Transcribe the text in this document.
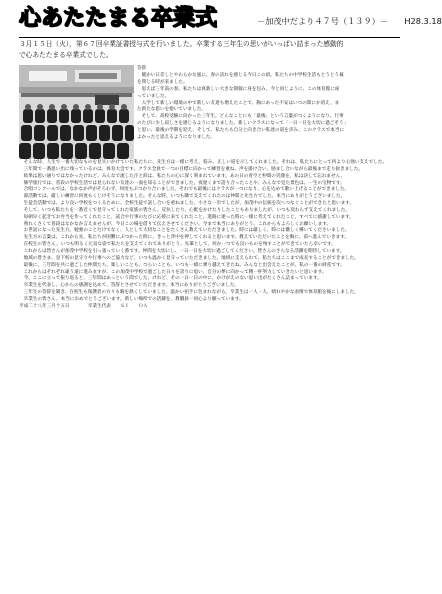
心あたたまる卒業式	－加茂中だより４７号（１３９）－　　H28.3.18

３月１５日（火），第６７回卒業証書授与式を行いました。卒業する三年生の思いがいっぱい詰まった感動的

で心あたたまる卒業式でした。

答辞

　暖かい日差しとやわらかな風に、春の訪れを感じる今日この頃。私たちの中学校生活もとうとう幕

を閉じる時が来ました。

　思えば三年前の春。私たちは真新しい大きな制服に身を包み、今と同じように、この体育館に座

っていました。

　入学して新しい環境の中で新しい友達も増えたことで、胸にあった不安はいつの間にか消え、ま

た新たな思いを抱いていました。

　そして、高校受験に向かった三年生。どんなことにも「最後」という言葉がつくようになり、行事

のたびに少し寂しさを感じるようになりました。新しいクラスになって「一日一日を大切に過ごそう」

と思い、最後の学期を迎え、そして、私たちも自分と向き合い私達の道を歩み、このクラスで本当に

よかったと思えるようになりました。

　そんな時、人生で一番大切なものを見失いかけていた私たちに、先生方は一緒に考え、悩み、正しい道を示してくれました。それは、私たちにとって何より心強い支えでした。

　三年間で一番思い出に残っているのは、体育大会です。クラス全員で一つの目標に向かって練習を重ね、声を掛け合い、励まし合いながら最後まで走り抜きました。

　結果は思い通りではなかったけれど、みんなで流した汗と涙は、私たちの心に深く刻まれています。あの日の青空と仲間の笑顔を、私は決して忘れません。

　修学旅行では、普段の学校生活では見られない友達の一面を知ることができました。夜遅くまで語り合ったことや、みんなで見た景色は、一生の宝物です。

　合唱コンクールでは、なかなか声がそろわず、何度もぶつかり合いました。それでも最後にはクラスが一つになり、心を込めて歌い上げることができました。

　部活動では、厳しい練習に何度もくじけそうになりました。そんな時、いつも隣で支えてくれたのは仲間と先生方でした。本当にありがとうございました。

　生徒会活動では、より良い学校をつくるために、全校生徒で話し合いを重ねました。小さな一歩でしたが、加茂中の伝統を次へつなぐことができたと思います。

　そして、いつも私たちを一番近くで見守ってくれた家族の皆さん。反抗したり、心配をかけたりしたこともありましたが、いつも変わらず支えてくれました。

　毎朝早く起きてお弁当を作ってくれたこと、試合や行事のたびに応援に来てくれたこと、進路に迷った時に一緒に考えてくれたこと。すべてに感謝しています。

　照れくさくて普段はなかなか言えませんが、今日この場を借りて伝えさせてください。今まで本当にありがとう。これからもよろしくお願いします。

　お世話になった先生方。勉強のことだけでなく、人として大切なことをたくさん教えていただきました。時には厳しく、時には優しく導いてくださいました。

　先生方の言葉は、これから先、私たちが困難にぶつかった時に、きっと背中を押してくれると思います。教えていただいたことを胸に、前へ進んでいきます。

　在校生の皆さん。いつも明るく元気な姿で私たちを支えてくれてありがとう。先輩として、何か一つでも良いものを残すことができていたら幸いです。

　これからは皆さんが加茂中学校を引っ張っていく番です。仲間を大切にし、一日一日を大切に過ごしてください。皆さんのさらなる活躍を期待しています。

　地域の皆さま、登下校の見守りや行事へのご協力など、いつも温かく見守っていただきました。地域に支えられて、私たちはここまで成長することができました。

　最後に、三年間を共に過ごした仲間たち。楽しいことも、つらいことも、いつも一緒に乗り越えてきたね。みんなと出会えたことが、私の一番の財産です。

　これからはそれぞれ違う道に進みますが、この加茂中学校で過ごした日々を誇りに思い、自分の夢に向かって精一杯努力していきたいと思います。

　今、ここに立って振り返ると、三年間はあっという間でした。けれど、その一日一日の中に、かけがえのない思い出がたくさん詰まっています。

　卒業生を代表し、心からの感謝を込めて、答辞とさせていただきます。本当にありがとうございました。

　三年生の答辞を聞き、在校生も保護者の方々も胸を熱くしていました。温かい拍手に包まれながら、卒業生は一人一人、晴れやかな表情で体育館を後にしました。

　卒業生の皆さん、本当におめでとうございます。新しい場所での活躍を、教職員一同心より願っています。

平成二十八年三月十五日　　　　卒業生代表　　ＳＩ　　ＯＡ
